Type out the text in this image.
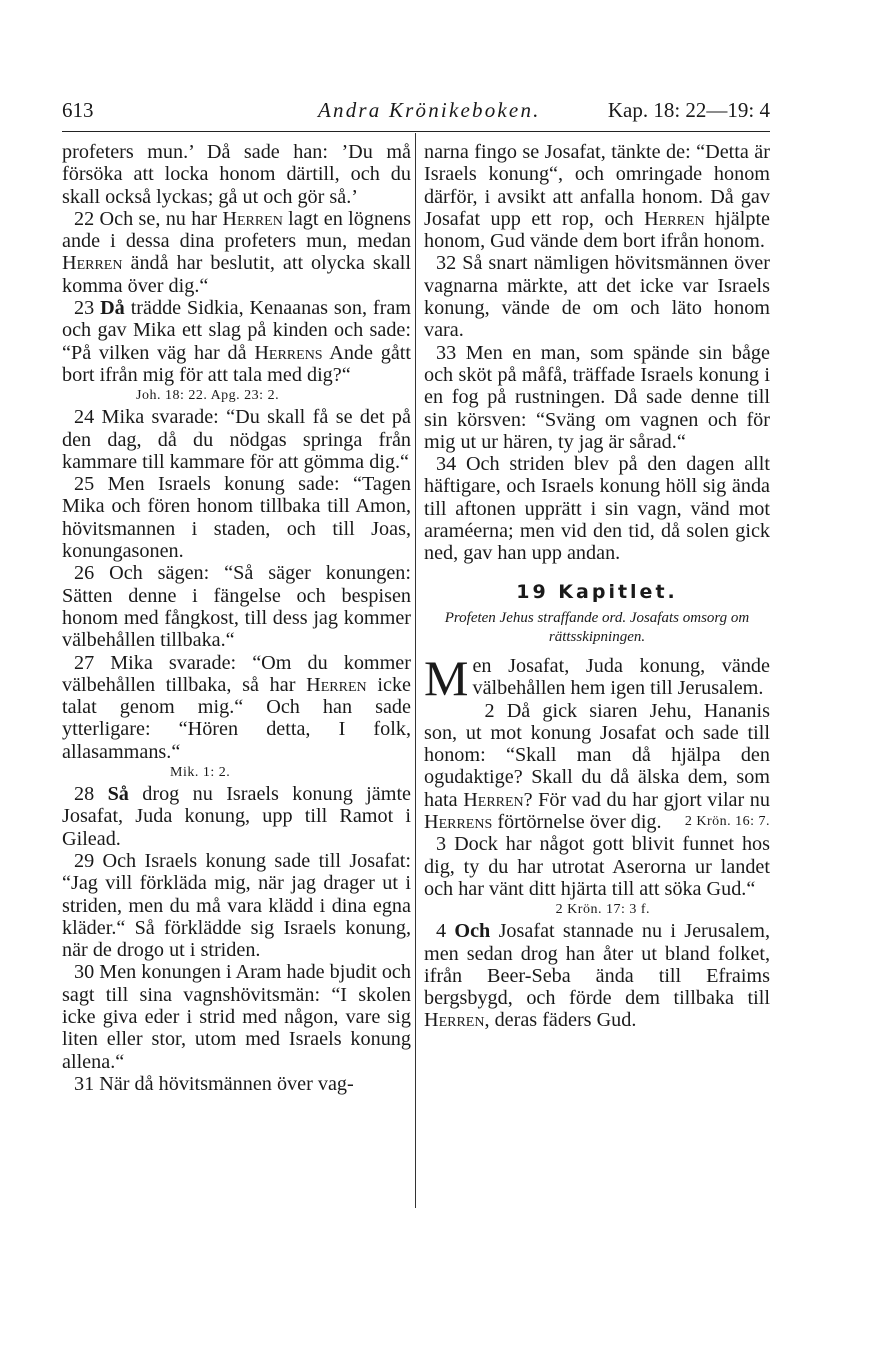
613	Andra Krönikeboken.	Kap. 18: 22—19: 4

profeters mun.’ Då sade han: ’Du må försöka att locka honom därtill, och du skall också lyckas; gå ut och gör så.’

22 Och se, nu har Herren lagt en lögnens ande i dessa dina profeters mun, medan Herren ändå har beslutit, att olycka skall komma över dig.“

23 Då trädde Sidkia, Kenaanas son, fram och gav Mika ett slag på kinden och sade: “På vilken väg har då Herrens Ande gått bort ifrån mig för att tala med dig?“

Joh. 18: 22. Apg. 23: 2.

24 Mika svarade: “Du skall få se det på den dag, då du nödgas springa från kammare till kammare för att gömma dig.“

25 Men Israels konung sade: “Tagen Mika och fören honom tillbaka till Amon, hövitsmannen i staden, och till Joas, konungasonen.

26 Och sägen: “Så säger konungen: Sätten denne i fängelse och bespisen honom med fångkost, till dess jag kommer välbehållen tillbaka.“

27 Mika svarade: “Om du kommer välbehållen tillbaka, så har Herren icke talat genom mig.“ Och han sade ytterligare: “Hören detta, I folk, allasammans.“

Mik. 1: 2.

28 Så drog nu Israels konung jämte Josafat, Juda konung, upp till Ramot i Gilead.

29 Och Israels konung sade till Josafat: “Jag vill förkläda mig, när jag drager ut i striden, men du må vara klädd i dina egna kläder.“ Så förklädde sig Israels konung, när de drogo ut i striden.

30 Men konungen i Aram hade bjudit och sagt till sina vagnshövitsmän: “I skolen icke giva eder i strid med någon, vare sig liten eller stor, utom med Israels konung allena.“

31 När då hövitsmännen över vag-

narna fingo se Josafat, tänkte de: “Detta är Israels konung“, och omringade honom därför, i avsikt att anfalla honom. Då gav Josafat upp ett rop, och Herren hjälpte honom, Gud vände dem bort ifrån honom.

32 Så snart nämligen hövitsmännen över vagnarna märkte, att det icke var Israels konung, vände de om och läto honom vara.

33 Men en man, som spände sin båge och sköt på måfå, träffade Israels konung i en fog på rustningen. Då sade denne till sin körsven: “Sväng om vagnen och för mig ut ur hären, ty jag är sårad.“

34 Och striden blev på den dagen allt häftigare, och Israels konung höll sig ända till aftonen upprätt i sin vagn, vänd mot araméerna; men vid den tid, då solen gick ned, gav han upp andan.

19 Kapitlet.

Profeten Jehus straffande ord. Josafats omsorg om rättsskipningen.

Men Josafat, Juda konung, vände välbehållen hem igen till Jerusalem.

2 Då gick siaren Jehu, Hananis son, ut mot konung Josafat och sade till honom: “Skall man då hjälpa den ogudaktige? Skall du då älska dem, som hata Herren? För vad du har gjort vilar nu Herrens förtörnelse över dig.	2 Krön. 16: 7.

3 Dock har något gott blivit funnet hos dig, ty du har utrotat Aserorna ur landet och har vänt ditt hjärta till att söka Gud.“

2 Krön. 17: 3 f.

4 Och Josafat stannade nu i Jerusalem, men sedan drog han åter ut bland folket, ifrån Beer-Seba ända till Efraims bergsbygd, och förde dem tillbaka till Herren, deras fäders Gud.
